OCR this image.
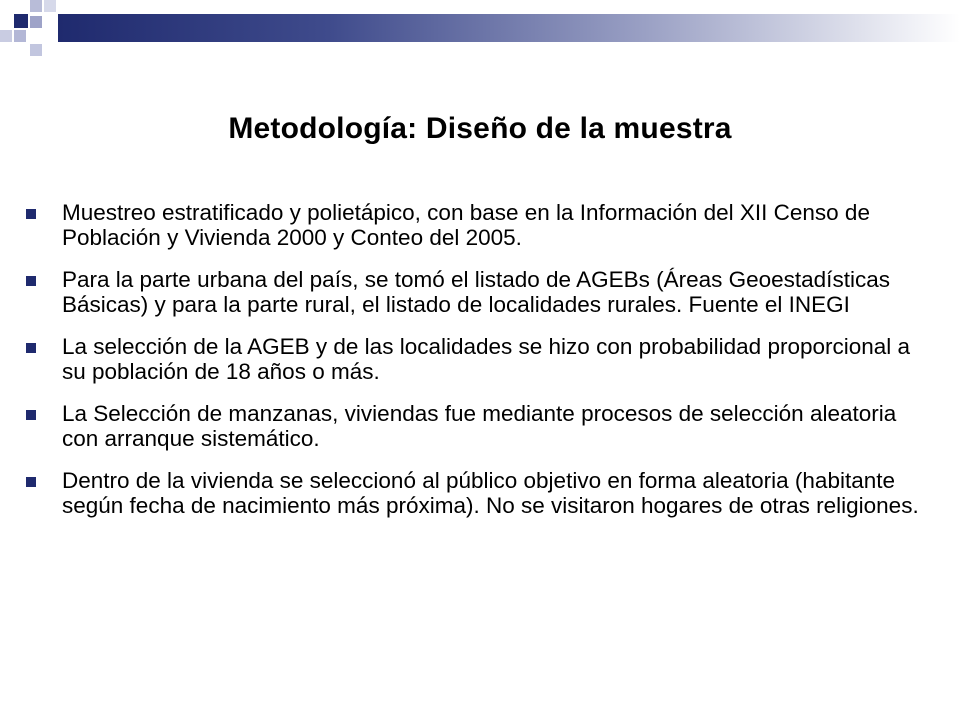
Metodología: Diseño de la muestra
Muestreo estratificado y polietápico, con base en la Información del XII Censo de Población y Vivienda 2000 y Conteo del 2005.
Para la parte urbana del país, se tomó el listado de AGEBs (Áreas Geoestadísticas Básicas) y para la parte rural, el listado de localidades rurales. Fuente el INEGI
La selección de la AGEB y de las localidades se hizo con probabilidad proporcional a su población de 18 años o más.
La Selección de manzanas, viviendas fue mediante procesos de selección aleatoria con arranque sistemático.
Dentro de la vivienda se seleccionó al público objetivo en forma aleatoria (habitante según fecha de nacimiento más próxima). No se visitaron hogares de otras religiones.
